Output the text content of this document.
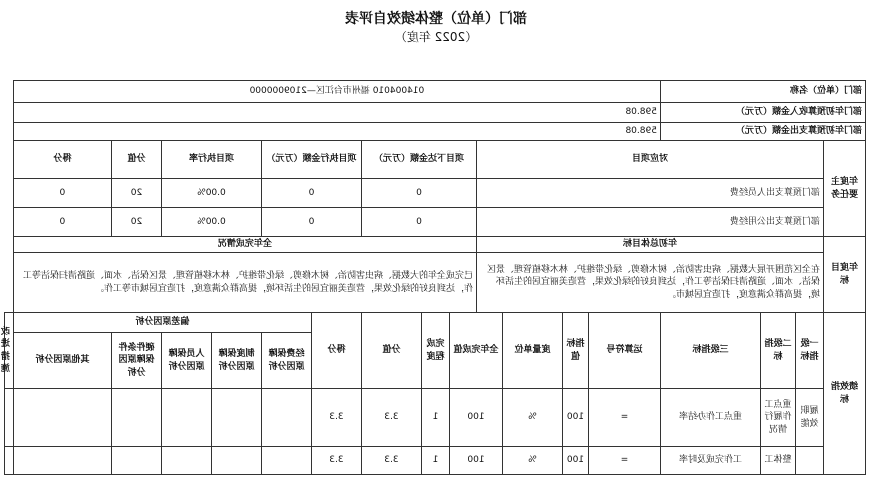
部门（单位）整体绩效自评表
（2022 年度）
部门（单位）名称				014004010 福州市台江区—2109000000													
部门年初预算收入金额（万元）				598.08													
部门年初预算支出金额（万元）				598.08													
年度主要任务	对应项目							项目下达金额（万元）			项目执行金额（万元）		项目执行率		分值	得分	
	部门预算支出人员经费							0			0		0.00%		20	0	
	部门预算支出公用经费							0			0		0.00%		20	0	
年度目标	年初总体目标							全年完成情况									
	在全区范围开展大数据、病虫害防治、树木修剪、绿化带维护、林木移植管理、景区保洁、水面、道路清扫保洁等工作，达到良好的绿化效果，营造美丽宜居的生活环境，提高群众满意度，打造宜居城市。							已完成全年的大数据、病虫害防治、树木修剪、绿化带维护、林木移植管理、景区保洁、水面、道路清扫保洁等工作，达到良好的绿化效果，营造美丽宜居的生活环境，提高群众满意度，打造宜居城市等工作。									
绩效指标	一级指标	二级指标	三级指标	运算符号	指标值	度量单位	全年完成值		完成程度	分值	得分	偏差原因分析					改进措施
												经费保障原因分析	制度保障原因分析	人员保障原因分析	硬件条件保障原因分析	其他原因分析	
	履职效能	重点工作履行情况	重点工作办结率	=	100	%	100		1	3.3	3.3						
		整体工	工作完成及时率	=	100	%	100		1	3.3	3.3						
